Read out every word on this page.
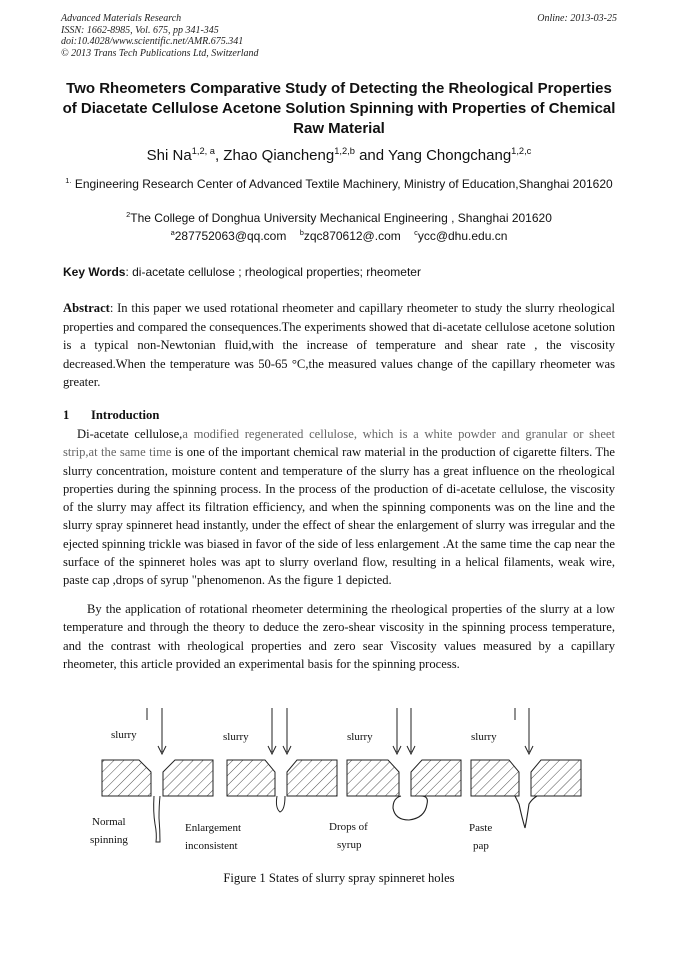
Advanced Materials Research
ISSN: 1662-8985, Vol. 675, pp 341-345
doi:10.4028/www.scientific.net/AMR.675.341
© 2013 Trans Tech Publications Ltd, Switzerland
Online: 2013-03-25
Two Rheometers Comparative Study of Detecting the Rheological Properties of Diacetate Cellulose Acetone Solution Spinning with Properties of Chemical Raw Material
Shi Na$^{1,2, a}$, Zhao Qiancheng$^{1,2,b}$ and Yang Chongchang$^{1,2,c}$
$^{1.}$ Engineering Research Center of Advanced Textile Machinery, Ministry of Education,Shanghai 201620
$^2$The College of Donghua University Mechanical Engineering , Shanghai 201620
$^a$287752063@qq.com $^b$zqc870612@.com $^c$ycc@dhu.edu.cn
Key Words: di-acetate cellulose ; rheological properties; rheometer
Abstract: In this paper we used rotational rheometer and capillary rheometer to study the slurry rheological properties and compared the consequences.The experiments showed that di-acetate cellulose acetone solution is a typical non-Newtonian fluid,with the increase of temperature and shear rate , the viscosity decreased.When the temperature was 50-65 °C,the measured values change of the capillary rheometer was greater.
1 Introduction
Di-acetate cellulose,a modified regenerated cellulose, which is a white powder and granular or sheet strip,at the same time is one of the important chemical raw material in the production of cigarette filters. The slurry concentration, moisture content and temperature of the slurry has a great influence on the rheological properties during the spinning process. In the process of the production of di-acetate cellulose, the viscosity of the slurry may affect its filtration efficiency, and when the spinning components was on the line and the slurry spray spinneret head instantly, under the effect of shear the enlargement of slurry was irregular and the ejected spinning trickle was biased in favor of the side of less enlargement .At the same time the cap near the surface of the spinneret holes was apt to slurry overland flow, resulting in a helical filaments, weak wire, paste cap ,drops of syrup "phenomenon. As the figure 1 depicted.
By the application of rotational rheometer determining the rheological properties of the slurry at a low temperature and through the theory to deduce the zero-shear viscosity in the spinning process temperature, and the contrast with rheological properties and zero sear Viscosity values measured by a capillary rheometer, this article provided an experimental basis for the spinning process.
slurry
Normal
spinning
slurry
Enlargement
inconsistent
slurry
Drops of
syrup
slurry
Paste
pap
Figure 1 States of slurry spray spinneret holes
